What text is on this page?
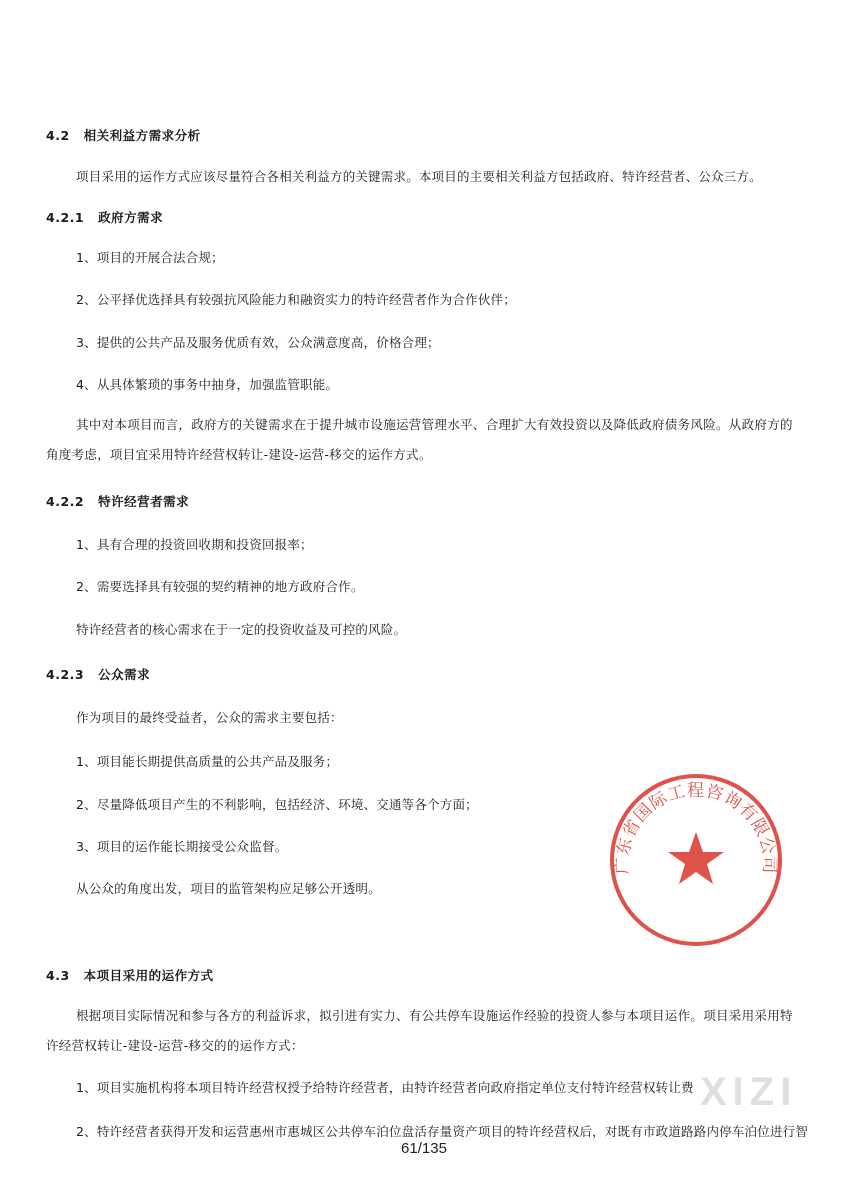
4.2 相关利益方需求分析
项目采用的运作方式应该尽量符合各相关利益方的关键需求。本项目的主要相关利益方包括政府、特许经营者、公众三方。
4.2.1 政府方需求
1、项目的开展合法合规；
2、公平择优选择具有较强抗风险能力和融资实力的特许经营者作为合作伙伴；
3、提供的公共产品及服务优质有效，公众满意度高，价格合理；
4、从具体繁琐的事务中抽身，加强监管职能。
其中对本项目而言，政府方的关键需求在于提升城市设施运营管理水平、合理扩大有效投资以及降低政府债务风险。从政府方的角度考虑，项目宜采用特许经营权转让-建设-运营-移交的运作方式。
4.2.2 特许经营者需求
1、具有合理的投资回收期和投资回报率；
2、需要选择具有较强的契约精神的地方政府合作。
特许经营者的核心需求在于一定的投资收益及可控的风险。
4.2.3 公众需求
作为项目的最终受益者，公众的需求主要包括：
1、项目能长期提供高质量的公共产品及服务；
2、尽量降低项目产生的不利影响，包括经济、环境、交通等各个方面；
3、项目的运作能长期接受公众监督。
从公众的角度出发，项目的监管架构应足够公开透明。
4.3 本项目采用的运作方式
根据项目实际情况和参与各方的利益诉求，拟引进有实力、有公共停车设施运作经验的投资人参与本项目运作。项目采用采用特许经营权转让-建设-运营-移交的的运作方式：
1、项目实施机构将本项目特许经营权授予给特许经营者，由特许经营者向政府指定单位支付特许经营权转让费
2、特许经营者获得开发和运营惠州市惠城区公共停车泊位盘活存量资产项目的特许经营权后，对既有市政道路路内停车泊位进行智
广东省国际工程咨询有限公司
XIZI
61/135
